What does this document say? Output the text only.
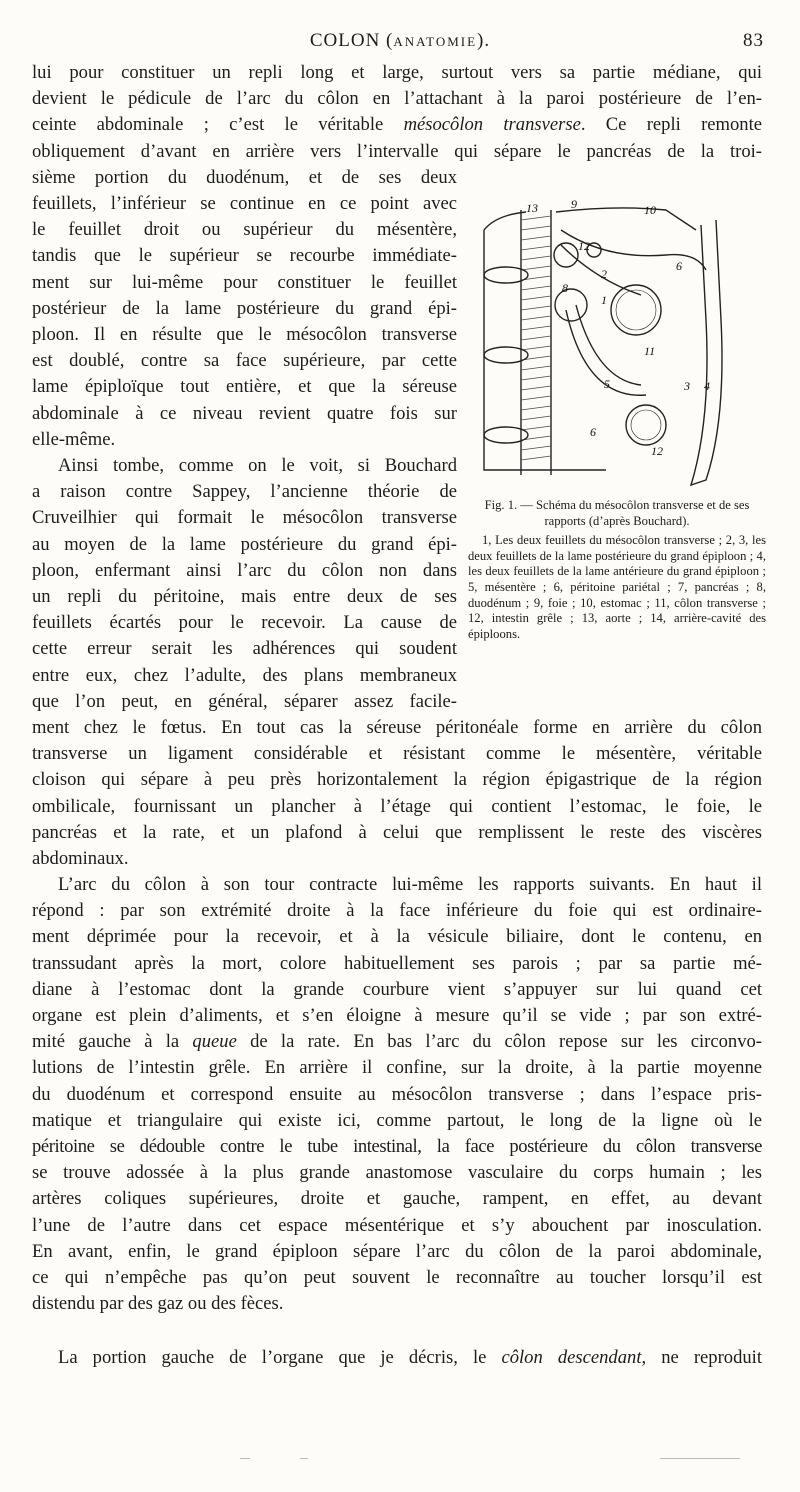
COLON (ANATOMIE).	83
lui pour constituer un repli long et large, surtout vers sa partie médiane, qui
devient le pédicule de l’arc du côlon en l’attachant à la paroi postérieure de l’en-
ceinte abdominale ; c’est le véritable mésocôlon transverse. Ce repli remonte
obliquement d’avant en arrière vers l’intervalle qui sépare le pancréas de la troi-
sième portion du duodénum, et de ses deux
feuillets, l’inférieur se continue en ce point avec
le feuillet droit ou supérieur du mésentère,
tandis que le supérieur se recourbe immédiate-
ment sur lui-même pour constituer le feuillet
postérieur de la lame postérieure du grand épi-
ploon. Il en résulte que le mésocôlon transverse
est doublé, contre sa face supérieure, par cette
lame épiploïque tout entière, et que la séreuse
abdominale à ce niveau revient quatre fois sur
elle-même.
Ainsi tombe, comme on le voit, si Bouchard
a raison contre Sappey, l’ancienne théorie de
Cruveilhier qui formait le mésocôlon transverse
au moyen de la lame postérieure du grand épi-
ploon, enfermant ainsi l’arc du côlon non dans
un repli du péritoine, mais entre deux de ses
feuillets écartés pour le recevoir. La cause de
cette erreur serait les adhérences qui soudent
entre eux, chez l’adulte, des plans membraneux
que l’on peut, en général, séparer assez facile-
ment chez le fœtus. En tout cas la séreuse péritonéale forme en arrière du côlon
transverse un ligament considérable et résistant comme le mésentère, véritable
cloison qui sépare à peu près horizontalement la région épigastrique de la région
ombilicale, fournissant un plancher à l’étage qui contient l’estomac, le foie, le
pancréas et la rate, et un plafond à celui que remplissent le reste des viscères
abdominaux.
L’arc du côlon à son tour contracte lui-même les rapports suivants. En haut il
répond : par son extrémité droite à la face inférieure du foie qui est ordinaire-
ment déprimée pour la recevoir, et à la vésicule biliaire, dont le contenu, en
transsudant après la mort, colore habituellement ses parois ; par sa partie mé-
diane à l’estomac dont la grande courbure vient s’appuyer sur lui quand cet
organe est plein d’aliments, et s’en éloigne à mesure qu’il se vide ; par son extré-
mité gauche à la queue de la rate. En bas l’arc du côlon repose sur les circonvo-
lutions de l’intestin grêle. En arrière il confine, sur la droite, à la partie moyenne
du duodénum et correspond ensuite au mésocôlon transverse ; dans l’espace pris-
matique et triangulaire qui existe ici, comme partout, le long de la ligne où le
péritoine se dédouble contre le tube intestinal, la face postérieure du côlon transverse
se trouve adossée à la plus grande anastomose vasculaire du corps humain ; les
artères coliques supérieures, droite et gauche, rampent, en effet, au devant
l’une de l’autre dans cet espace mésentérique et s’y abouchent par inosculation.
En avant, enfin, le grand épiploon sépare l’arc du côlon de la paroi abdominale,
ce qui n’empêche pas qu’on peut souvent le reconnaître au toucher lorsqu’il est
distendu par des gaz ou des fèces.
La portion gauche de l’organe que je décris, le côlon descendant, ne reproduit
13	9	10
12
2
6
8
1
11
5	3 4
6
12

Fig. 1. — Schéma du mésocôlon transverse et de ses rapports (d’après Bouchard).

1, Les deux feuillets du mésocôlon transverse ; 2, 3, les deux feuillets de la lame postérieure du grand épiploon ; 4, les deux feuillets de la lame antérieure du grand épiploon ; 5, mésentère ; 6, péritoine pariétal ; 7, pancréas ; 8, duodénum ; 9, foie ; 10, estomac ; 11, côlon transverse ; 12, intestin grêle ; 13, aorte ; 14, arrière-cavité des épiploons.
